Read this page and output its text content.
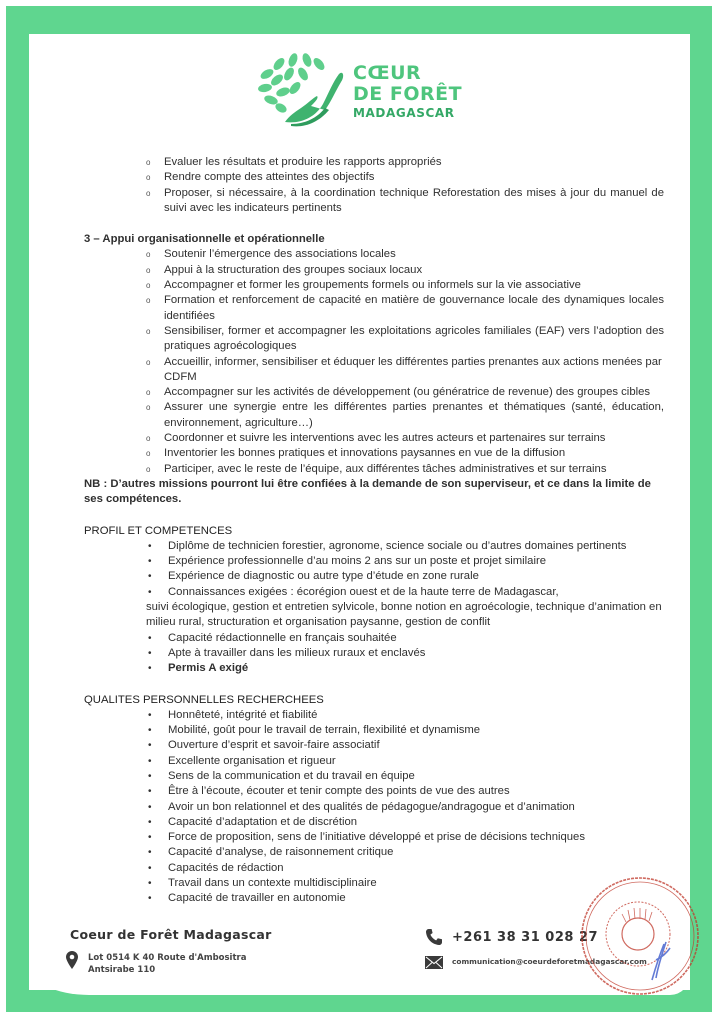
CŒUR
DE FORÊT
MADAGASCAR
o	Evaluer les résultats et produire les rapports appropriés
o	Rendre compte des atteintes des objectifs
o	Proposer, si nécessaire, à la coordination technique Reforestation des mises à jour du manuel de suivi avec les indicateurs pertinents
3 – Appui organisationnelle et opérationnelle
o	Soutenir l’émergence des associations locales
o	Appui à la structuration des groupes sociaux locaux
o	Accompagner et former les groupements formels ou informels sur la vie associative
o	Formation et renforcement de capacité en matière de gouvernance locale des dynamiques locales identifiées
o	Sensibiliser, former et accompagner les exploitations agricoles familiales (EAF) vers l’adoption des pratiques agroécologiques
o	Accueillir, informer, sensibiliser et éduquer les différentes parties prenantes aux actions menées par CDFM
o	Accompagner sur les activités de développement (ou génératrice de revenue) des groupes cibles
o	Assurer une synergie entre les différentes parties prenantes et thématiques (santé, éducation, environnement, agriculture…)
o	Coordonner et suivre les interventions avec les autres acteurs et partenaires sur terrains
o	Inventorier les bonnes pratiques et innovations paysannes en vue de la diffusion
o	Participer, avec le reste de l’équipe, aux différentes tâches administratives et sur terrains
NB : D’autres missions pourront lui être confiées à la demande de son superviseur, et ce dans la limite de ses compétences.
PROFIL ET COMPETENCES
•	Diplôme de technicien forestier, agronome, science sociale ou d’autres domaines pertinents
•	Expérience professionnelle d’au moins 2 ans sur un poste et projet similaire
•	Expérience de diagnostic ou autre type d’étude en zone rurale
•	Connaissances exigées : écorégion ouest et de la haute terre de Madagascar,
suivi écologique, gestion et entretien sylvicole, bonne notion en agroécologie, technique d’animation en milieu rural, structuration et organisation paysanne, gestion de conflit
•	Capacité rédactionnelle en français souhaitée
•	Apte à travailler dans les milieux ruraux et enclavés
•	Permis A exigé
QUALITES PERSONNELLES RECHERCHEES
•	Honnêteté, intégrité et fiabilité
•	Mobilité, goût pour le travail de terrain, flexibilité et dynamisme
•	Ouverture d’esprit et savoir-faire associatif
•	Excellente organisation et rigueur
•	Sens de la communication et du travail en équipe
•	Être à l’écoute, écouter et tenir compte des points de vue des autres
•	Avoir un bon relationnel et des qualités de pédagogue/andragogue et d’animation
•	Capacité d’adaptation et de discrétion
•	Force de proposition, sens de l’initiative développé et prise de décisions techniques
•	Capacité d’analyse, de raisonnement critique
•	Capacités de rédaction
•	Travail dans un contexte multidisciplinaire
•	Capacité de travailler en autonomie
Coeur de Forêt Madagascar
Lot 0514 K 40 Route d'Ambositra
Antsirabe 110
+261 38 31 028 27
communication@coeurdeforetmadagascar.com
